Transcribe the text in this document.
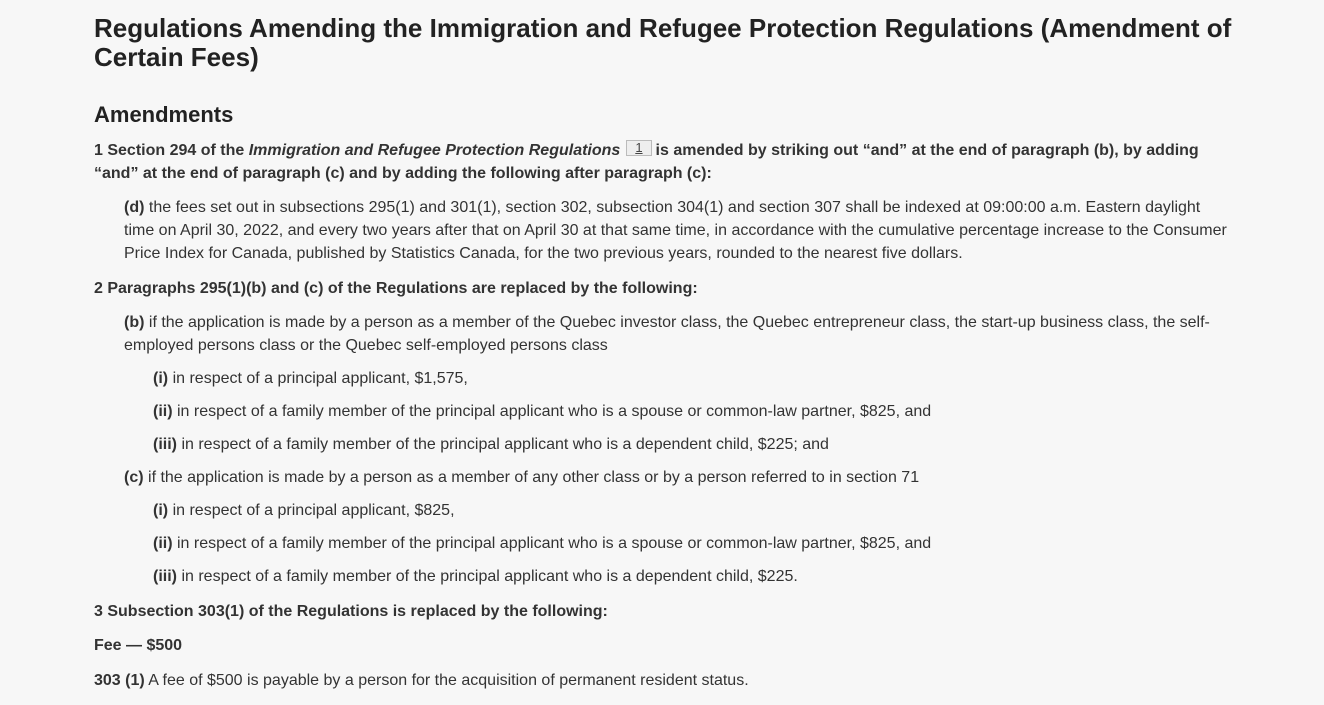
Regulations Amending the Immigration and Refugee Protection Regulations (Amendment of Certain Fees)
Amendments
1 Section 294 of the Immigration and Refugee Protection Regulations 1 is amended by striking out “and” at the end of paragraph (b), by adding
“and” at the end of paragraph (c) and by adding the following after paragraph (c):
(d) the fees set out in subsections 295(1) and 301(1), section 302, subsection 304(1) and section 307 shall be indexed at 09:00:00 a.m. Eastern daylight
time on April 30, 2022, and every two years after that on April 30 at that same time, in accordance with the cumulative percentage increase to the Consumer
Price Index for Canada, published by Statistics Canada, for the two previous years, rounded to the nearest five dollars.
2 Paragraphs 295(1)(b) and (c) of the Regulations are replaced by the following:
(b) if the application is made by a person as a member of the Quebec investor class, the Quebec entrepreneur class, the start-up business class, the self-
employed persons class or the Quebec self-employed persons class
(i) in respect of a principal applicant, $1,575,
(ii) in respect of a family member of the principal applicant who is a spouse or common-law partner, $825, and
(iii) in respect of a family member of the principal applicant who is a dependent child, $225; and
(c) if the application is made by a person as a member of any other class or by a person referred to in section 71
(i) in respect of a principal applicant, $825,
(ii) in respect of a family member of the principal applicant who is a spouse or common-law partner, $825, and
(iii) in respect of a family member of the principal applicant who is a dependent child, $225.
3 Subsection 303(1) of the Regulations is replaced by the following:
Fee — $500
303 (1) A fee of $500 is payable by a person for the acquisition of permanent resident status.
